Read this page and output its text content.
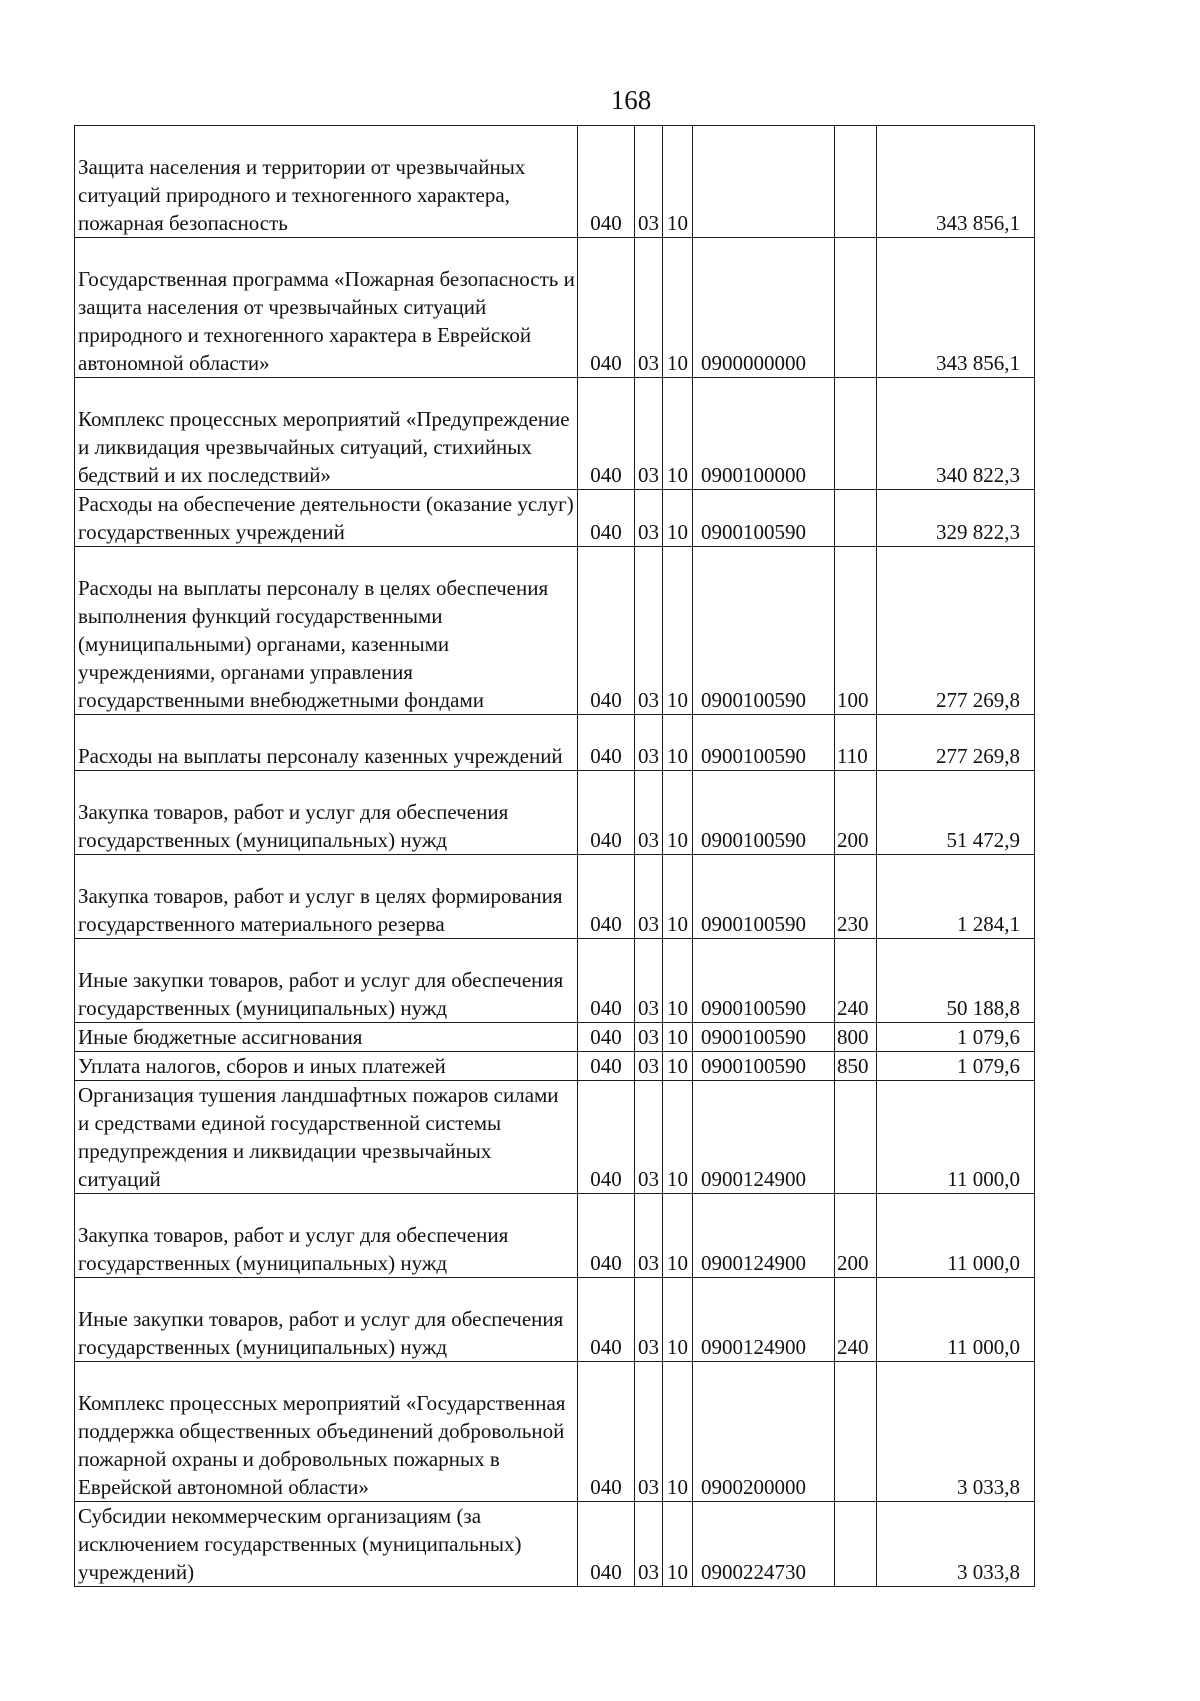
168
Защита населения и территории от чрезвычайных ситуаций природного и техногенного характера, пожарная безопасность	040	03	10			343 856,1
Государственная программа «Пожарная безопасность и защита населения от чрезвычайных ситуаций природного и техногенного характера в Еврейской автономной области»	040	03	10	0900000000		343 856,1
Комплекс процессных мероприятий «Предупреждение и ликвидация чрезвычайных ситуаций, стихийных бедствий и их последствий»	040	03	10	0900100000		340 822,3
Расходы на обеспечение деятельности (оказание услуг) государственных учреждений	040	03	10	0900100590		329 822,3
Расходы на выплаты персоналу в целях обеспечения выполнения функций государственными (муниципальными) органами, казенными учреждениями, органами управления государственными внебюджетными фондами	040	03	10	0900100590	100	277 269,8
Расходы на выплаты персоналу казенных учреждений	040	03	10	0900100590	110	277 269,8
Закупка товаров, работ и услуг для обеспечения государственных (муниципальных) нужд	040	03	10	0900100590	200	51 472,9
Закупка товаров, работ и услуг в целях формирования государственного материального резерва	040	03	10	0900100590	230	1 284,1
Иные закупки товаров, работ и услуг для обеспечения государственных (муниципальных) нужд	040	03	10	0900100590	240	50 188,8
Иные бюджетные ассигнования	040	03	10	0900100590	800	1 079,6
Уплата налогов, сборов и иных платежей	040	03	10	0900100590	850	1 079,6
Организация тушения ландшафтных пожаров силами и средствами единой государственной системы предупреждения и ликвидации чрезвычайных ситуаций	040	03	10	0900124900		11 000,0
Закупка товаров, работ и услуг для обеспечения государственных (муниципальных) нужд	040	03	10	0900124900	200	11 000,0
Иные закупки товаров, работ и услуг для обеспечения государственных (муниципальных) нужд	040	03	10	0900124900	240	11 000,0
Комплекс процессных мероприятий «Государственная поддержка общественных объединений добровольной пожарной охраны и добровольных пожарных в Еврейской автономной области»	040	03	10	0900200000		3 033,8
Субсидии некоммерческим организациям (за исключением государственных (муниципальных) учреждений)	040	03	10	0900224730		3 033,8
